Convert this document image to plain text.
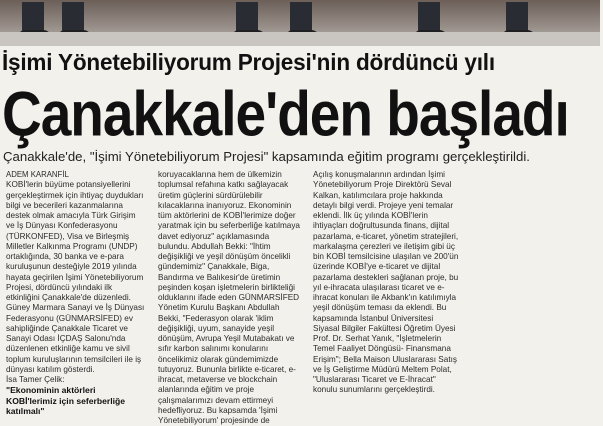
İşimi Yönetebiliyorum Projesi'nin dördüncü yılı
Çanakkale'den başladı
Çanakkale'de, "İşimi Yönetebiliyorum Projesi" kapsamında eğitim programı gerçekleştirildi.

ADEM KARANFİL

KOBİ'lerin büyüme potansiyellerini gerçekleştirmek için ihtiyaç duydukları bilgi ve becerileri kazanmalarına destek olmak amacıyla Türk Girişim ve İş Dünyası Konfederasyonu (TÜRKONFED), Visa ve Birleşmiş Milletler Kalkınma Programı (UNDP) ortaklığında, 30 banka ve e-para kuruluşunun desteğiyle 2019 yılında hayata geçirilen İşimi Yönetebiliyorum Projesi, dördüncü yılındaki ilk etkinliğini Çanakkale'de düzenledi. Güney Marmara Sanayi ve İş Dünyası Federasyonu (GÜNMARSİFED) ev sahipliğinde Çanakkale Ticaret ve Sanayi Odası İÇDAŞ Salonu'nda düzenlenen etkinliğe kamu ve sivil toplum kuruluşlarının temsilcileri ile iş dünyası katılım gösterdi.

İsa Tamer Çelik:

"Ekonominin aktörleri KOBİ'lerimiz için seferberliğe katılmalı"

koruyacaklarına hem de ülkemizin toplumsal refahına katkı sağlayacak üretim güçlerini sürdürülebilir kılacaklarına inanıyoruz. Ekonominin tüm aktörlerini de KOBİ'lerimize doğer yaratmak için bu seferberliğe katılmaya davet ediyoruz" açıklamasında bulundu. Abdullah Bekki: "İhtim değişikliği ve yeşil dönüşüm öncelikli gündemimiz" Çanakkale, Biga, Bandırma ve Balıkesir'de üretimin peşinden koşan işletmelerin birlikteliği olduklarını ifade eden GÜNMARSİFED Yönetim Kurulu Başkanı Abdullah Bekki, "Federasyon olarak 'iklim değişikliği, uyum, sanayide yeşil dönüşüm, Avrupa Yeşil Mutabakatı ve sıfır karbon salınımı konularını öncelikimiz olarak gündemimizde tutuyoruz. Bununla birlikte e-ticaret, e-ihracat, metaverse ve blockchain alanlarında eğitim ve proje çalışmalarımızı devam ettirmeyi hedefliyoruz. Bu kapsamda 'İşimi Yönetebiliyorum' projesinde de

Açılış konuşmalarının ardından İşimi Yönetebiliyorum Proje Direktörü Seval Kalkan, katılımcılara proje hakkında detaylı bilgi verdi. Projeye yeni temalar eklendi. İlk üç yılında KOBİ'lerin ihtiyaçları doğrultusunda finans, dijital pazarlama, e-ticaret, yönetim stratejileri, markalaşma çerezleri ve iletişim gibi üç bin KOBİ temsilcisine ulaşılan ve 200'ün üzerinde KOBİ'ye e-ticaret ve dijital pazarlama destekleri sağlanan proje, bu yıl e-ihracata ulaşılarası ticaret ve e-ihracat konuları ile Akbank'ın katılımıyla yeşil dönüşüm teması da eklendi. Bu kapsamında İstanbul Üniversitesi Siyasal Bilgiler Fakültesi Öğretim Üyesi Prof. Dr. Serhat Yanık, "İşletmelerin Temel Faaliyet Döngüsü- Finansmana Erişim"; Bella Maison Uluslararası Satış ve İş Geliştirme Müdürü Meltem Polat, "Uluslararası Ticaret ve E-İhracat" konulu sunumlarını gerçekleştirdi.
